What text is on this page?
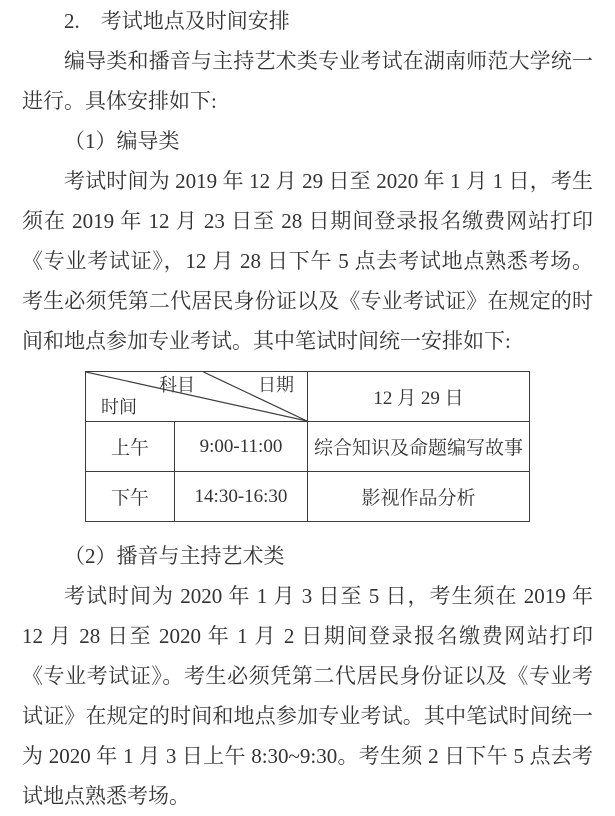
2.　考试地点及时间安排

编导类和播音与主持艺术类专业考试在湖南师范大学统一进行。具体安排如下:

（1）编导类

考试时间为 2019 年 12 月 29 日至 2020 年 1 月 1 日，考生须在 2019 年 12 月 23 日至 28 日期间登录报名缴费网站打印《专业考试证》，12 月 28 日下午 5 点去考试地点熟悉考场。考生必须凭第二代居民身份证以及《专业考试证》在规定的时间和地点参加专业考试。其中笔试时间统一安排如下:

科目 日期
时间		12 月 29 日
上午	9:00-11:00	综合知识及命题编写故事
下午	14:30-16:30	影视作品分析

（2）播音与主持艺术类

考试时间为 2020 年 1 月 3 日至 5 日，考生须在 2019 年 12 月 28 日至 2020 年 1 月 2 日期间登录报名缴费网站打印《专业考试证》。考生必须凭第二代居民身份证以及《专业考试证》在规定的时间和地点参加专业考试。其中笔试时间统一为 2020 年 1 月 3 日上午 8:30~9:30。考生须 2 日下午 5 点去考试地点熟悉考场。
